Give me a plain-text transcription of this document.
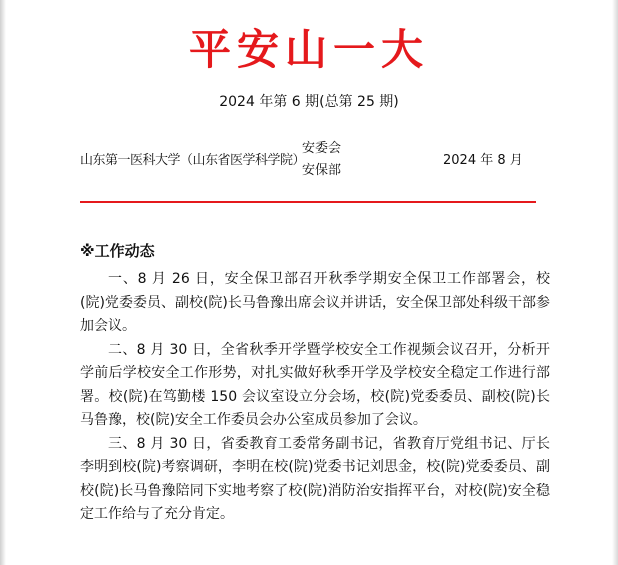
平安山一大
2024 年第 6 期(总第 25 期)
山东第一医科大学（山东省医学科学院）
安委会
安保部
2024 年 8 月
※工作动态

一、8 月 26 日，安全保卫部召开秋季学期安全保卫工作部署会，校(院)党委委员、副校(院)长马鲁豫出席会议并讲话，安全保卫部处科级干部参加会议。

二、8 月 30 日，全省秋季开学暨学校安全工作视频会议召开，分析开学前后学校安全工作形势，对扎实做好秋季开学及学校安全稳定工作进行部署。校(院)在笃勤楼 150 会议室设立分会场，校(院)党委委员、副校(院)长马鲁豫，校(院)安全工作委员会办公室成员参加了会议。

三、8 月 30 日，省委教育工委常务副书记，省教育厅党组书记、厅长李明到校(院)考察调研，李明在校(院)党委书记刘思金，校(院)党委委员、副校(院)长马鲁豫陪同下实地考察了校(院)消防治安指挥平台，对校(院)安全稳定工作给与了充分肯定。
